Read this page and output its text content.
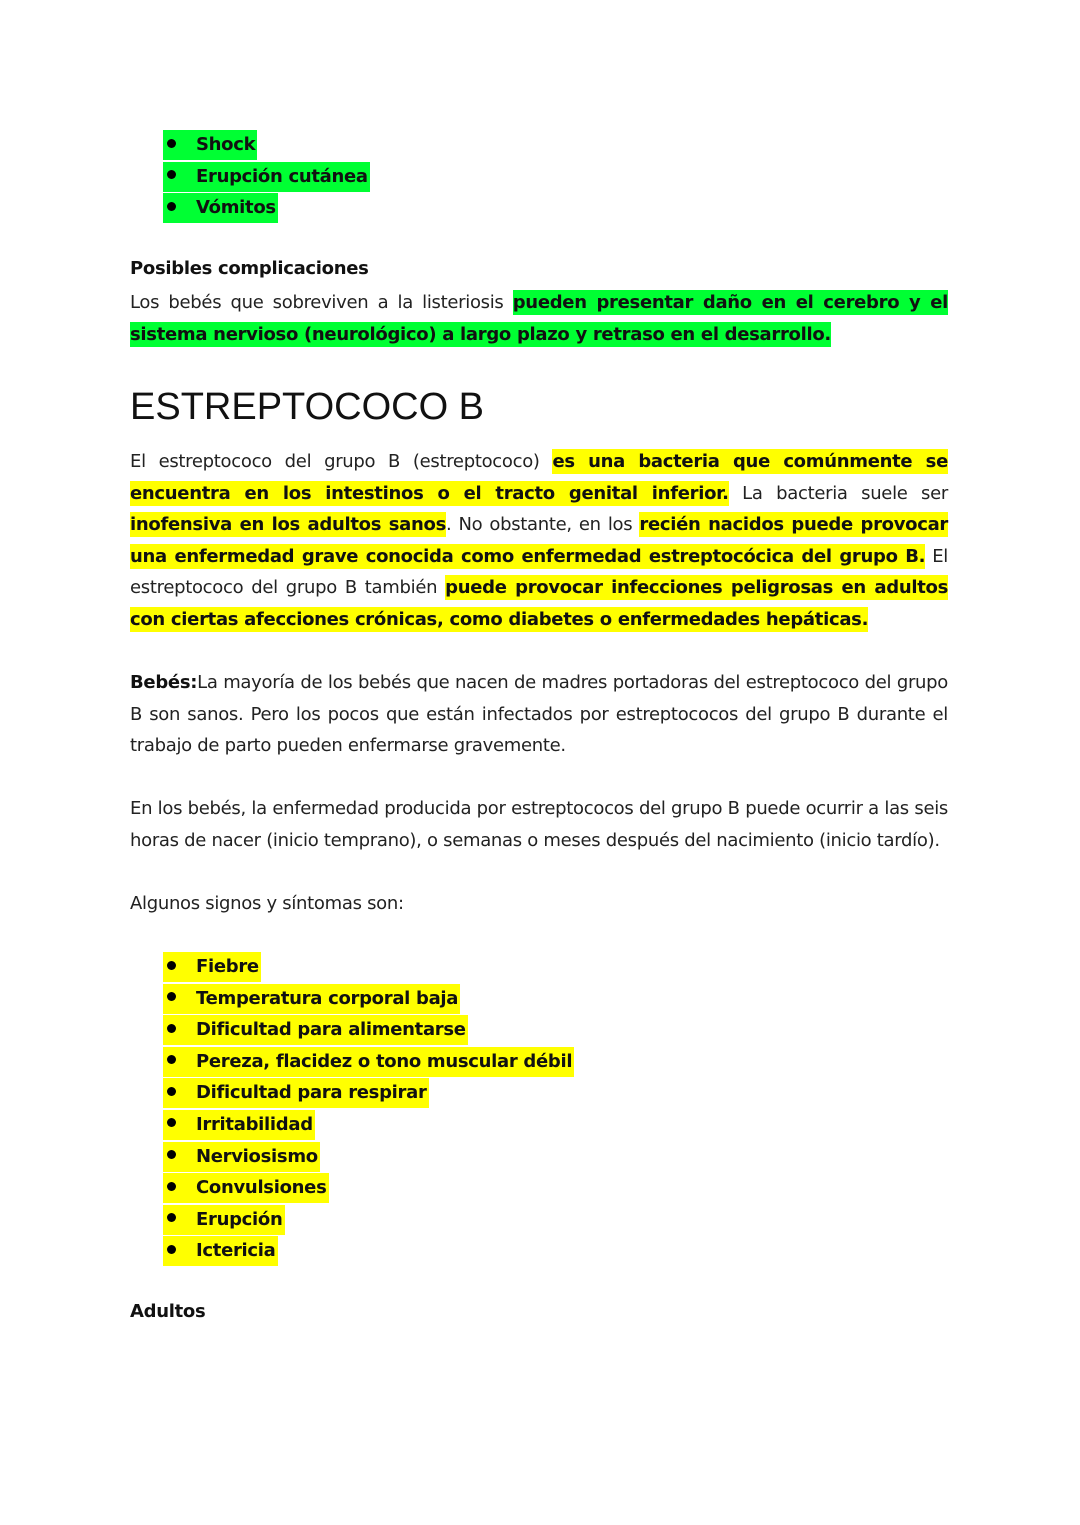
Shock
Erupción cutánea
Vómitos
Posibles complicaciones
Los bebés que sobreviven a la listeriosis pueden presentar daño en el cerebro y el sistema nervioso (neurológico) a largo plazo y retraso en el desarrollo.
ESTREPTOCOCO B
El estreptococo del grupo B (estreptococo) es una bacteria que comúnmente se encuentra en los intestinos o el tracto genital inferior. La bacteria suele ser inofensiva en los adultos sanos. No obstante, en los recién nacidos puede provocar una enfermedad grave conocida como enfermedad estreptocócica del grupo B. El estreptococo del grupo B también puede provocar infecciones peligrosas en adultos con ciertas afecciones crónicas, como diabetes o enfermedades hepáticas.
Bebés:La mayoría de los bebés que nacen de madres portadoras del estreptococo del grupo B son sanos. Pero los pocos que están infectados por estreptococos del grupo B durante el trabajo de parto pueden enfermarse gravemente.
En los bebés, la enfermedad producida por estreptococos del grupo B puede ocurrir a las seis horas de nacer (inicio temprano), o semanas o meses después del nacimiento (inicio tardío).
Algunos signos y síntomas son:
Fiebre
Temperatura corporal baja
Dificultad para alimentarse
Pereza, flacidez o tono muscular débil
Dificultad para respirar
Irritabilidad
Nerviosismo
Convulsiones
Erupción
Ictericia
Adultos
